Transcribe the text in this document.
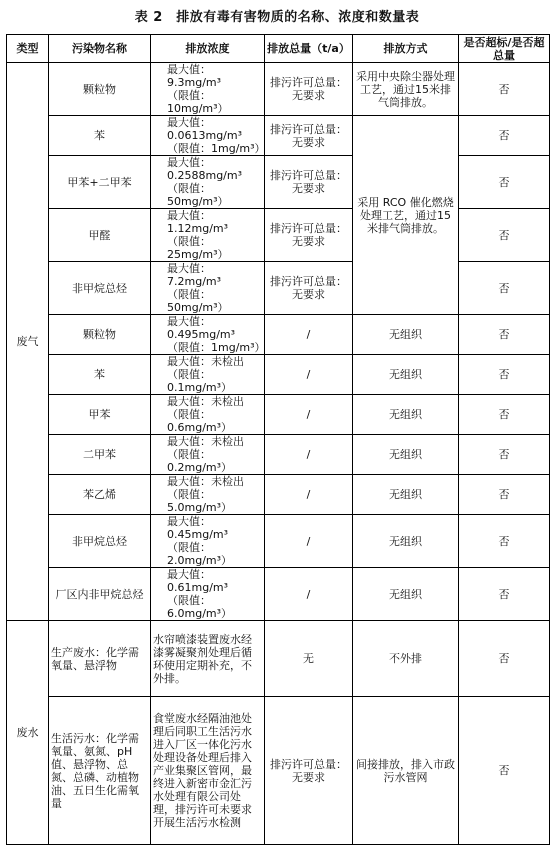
表 2　排放有毒有害物质的名称、浓度和数量表
类型	污染物名称	排放浓度	排放总量（t/a）	排放方式	是否超标/是否超总量
废气	颗粒物	最大值：9.3mg/m³
（限值：10mg/m³）	排污许可总量：无要求	采用中央除尘器处理工艺，通过15米排气筒排放。	否
	苯	最大值：0.0613mg/m³
（限值：1mg/m³）	排污许可总量：无要求	采用 RCO 催化燃烧处理工艺，通过15米排气筒排放。	否
	甲苯+二甲苯	最大值：0.2588mg/m³
（限值：50mg/m³）	排污许可总量：无要求		否
	甲醛	最大值：1.12mg/m³
（限值：25mg/m³）	排污许可总量：无要求		否
	非甲烷总烃	最大值：7.2mg/m³
（限值：50mg/m³）	排污许可总量：无要求		否
	颗粒物	最大值：0.495mg/m³
（限值：1mg/m³）	/	无组织	否
	苯	最大值：未检出
（限值：0.1mg/m³）	/	无组织	否
	甲苯	最大值：未检出
（限值：0.6mg/m³）	/	无组织	否
	二甲苯	最大值：未检出
（限值：0.2mg/m³）	/	无组织	否
	苯乙烯	最大值：未检出
（限值：5.0mg/m³）	/	无组织	否
	非甲烷总烃	最大值：0.45mg/m³
（限值：2.0mg/m³）	/	无组织	否
	厂区内非甲烷总烃	最大值：0.61mg/m³
（限值：6.0mg/m³）	/	无组织	否
废水	生产废水：化学需氧量、悬浮物	水帘喷漆装置废水经漆雾凝聚剂处理后循环使用定期补充，不外排。	无	不外排	否
	生活污水：化学需氧量、氨氮、pH值、悬浮物、总氮、总磷、动植物油、五日生化需氧量	食堂废水经隔油池处理后同职工生活污水进入厂区一体化污水处理设备处理后排入产业集聚区管网，最终进入新密市金汇污水处理有限公司处理，排污许可未要求开展生活污水检测	排污许可总量：无要求	间接排放，排入市政污水管网	否
